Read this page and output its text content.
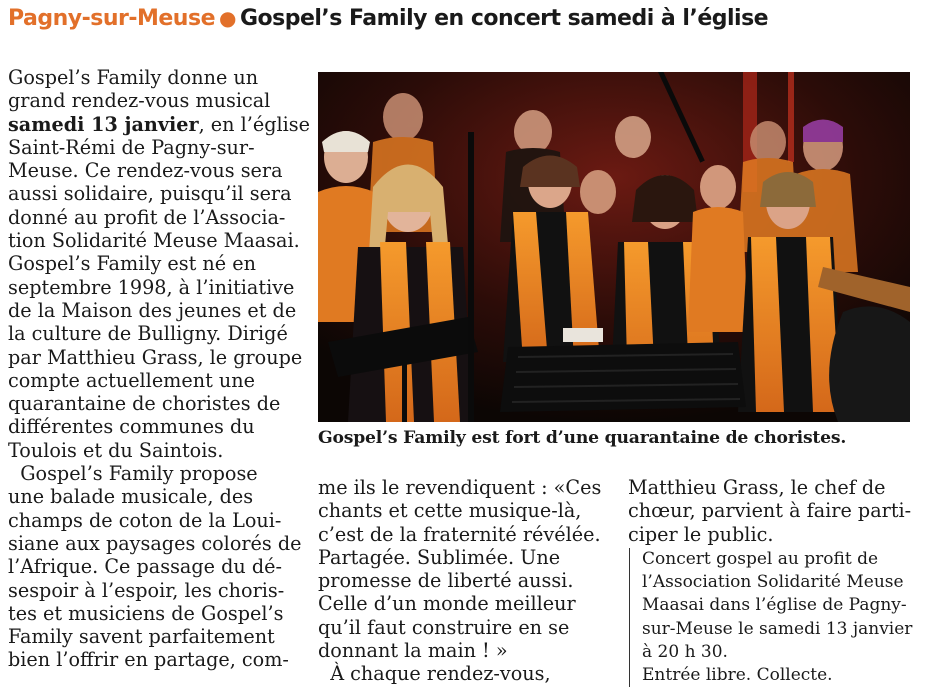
Pagny-sur-Meuse ● Gospel’s Family en concert samedi à l’église
Gospel’s Family donne un
grand rendez-vous musical
samedi 13 janvier, en l’église
Saint-Rémi de Pagny-sur-
Meuse. Ce rendez-vous sera
aussi solidaire, puisqu’il sera
donné au profit de l’Associa-
tion Solidarité Meuse Maasai.
Gospel’s Family est né en
septembre 1998, à l’initiative
de la Maison des jeunes et de
la culture de Bulligny. Dirigé
par Matthieu Grass, le groupe
compte actuellement une
quarantaine de choristes de
différentes communes du
Toulois et du Saintois.
Gospel’s Family propose
une balade musicale, des
champs de coton de la Loui-
siane aux paysages colorés de
l’Afrique. Ce passage du dé-
sespoir à l’espoir, les choris-
tes et musiciens de Gospel’s
Family savent parfaitement
bien l’offrir en partage, com-
Gospel’s Family est fort d’une quarantaine de choristes.
me ils le revendiquent : «Ces
chants et cette musique-là,
c’est de la fraternité révélée.
Partagée. Sublimée. Une
promesse de liberté aussi.
Celle d’un monde meilleur
qu’il faut construire en se
donnant la main ! »
À chaque rendez-vous,
Matthieu Grass, le chef de
chœur, parvient à faire parti-
ciper le public.
Concert gospel au profit de
l’Association Solidarité Meuse
Maasai dans l’église de Pagny-
sur-Meuse le samedi 13 janvier
à 20 h 30.
Entrée libre. Collecte.
